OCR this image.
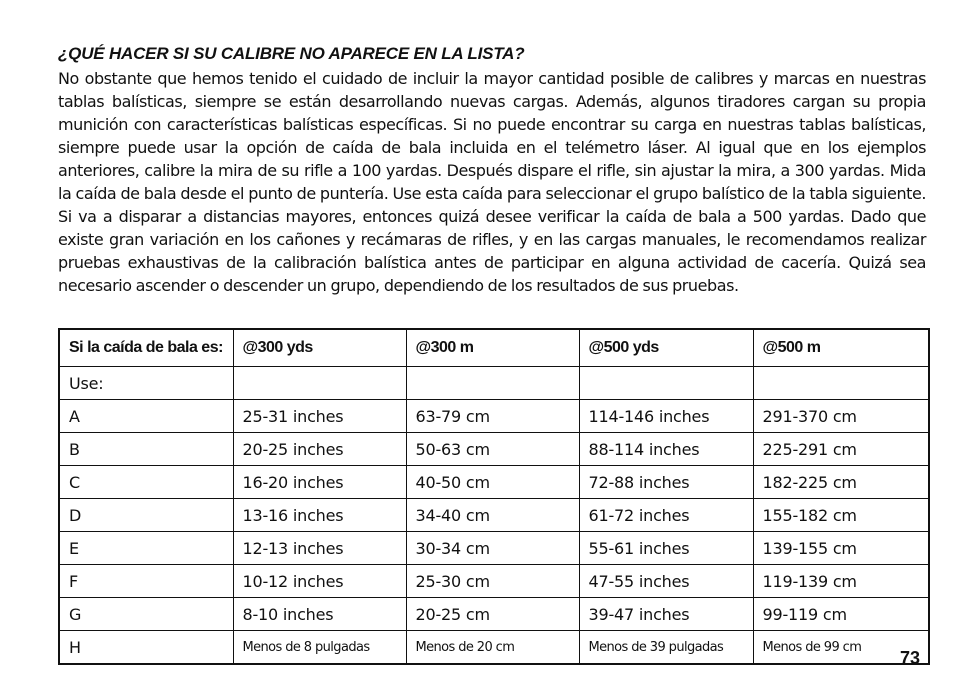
¿QUÉ HACER SI SU CALIBRE NO APARECE EN LA LISTA?
No obstante que hemos tenido el cuidado de incluir la mayor cantidad posible de calibres y marcas en nuestras tablas balísticas, siempre se están desarrollando nuevas cargas. Además, algunos tiradores cargan su propia munición con características balísticas específicas. Si no puede encontrar su carga en nuestras tablas balísticas, siempre puede usar la opción de caída de bala incluida en el telémetro láser. Al igual que en los ejemplos anteriores, calibre la mira de su rifle a 100 yardas. Después dispare el rifle, sin ajustar la mira, a 300 yardas. Mida la caída de bala desde el punto de puntería. Use esta caída para seleccionar el grupo balístico de la tabla siguiente. Si va a disparar a distancias mayores, entonces quizá desee verificar la caída de bala a 500 yardas. Dado que existe gran variación en los cañones y recámaras de rifles, y en las cargas manuales, le recomendamos realizar pruebas exhaustivas de la calibración balística antes de participar en alguna actividad de cacería. Quizá sea necesario ascender o descender un grupo, dependiendo de los resultados de sus pruebas.
Si la caída de bala es:	@300 yds	@300 m	@500 yds	@500 m
Use:				
A	25-31 inches	63-79 cm	114-146 inches	291-370 cm
B	20-25 inches	50-63 cm	88-114 inches	225-291 cm
C	16-20 inches	40-50 cm	72-88 inches	182-225 cm
D	13-16 inches	34-40 cm	61-72 inches	155-182 cm
E	12-13 inches	30-34 cm	55-61 inches	139-155 cm
F	10-12 inches	25-30 cm	47-55 inches	119-139 cm
G	8-10 inches	20-25 cm	39-47 inches	99-119 cm
H	Menos de 8 pulgadas	Menos de 20 cm	Menos de 39 pulgadas	Menos de 99 cm
73
